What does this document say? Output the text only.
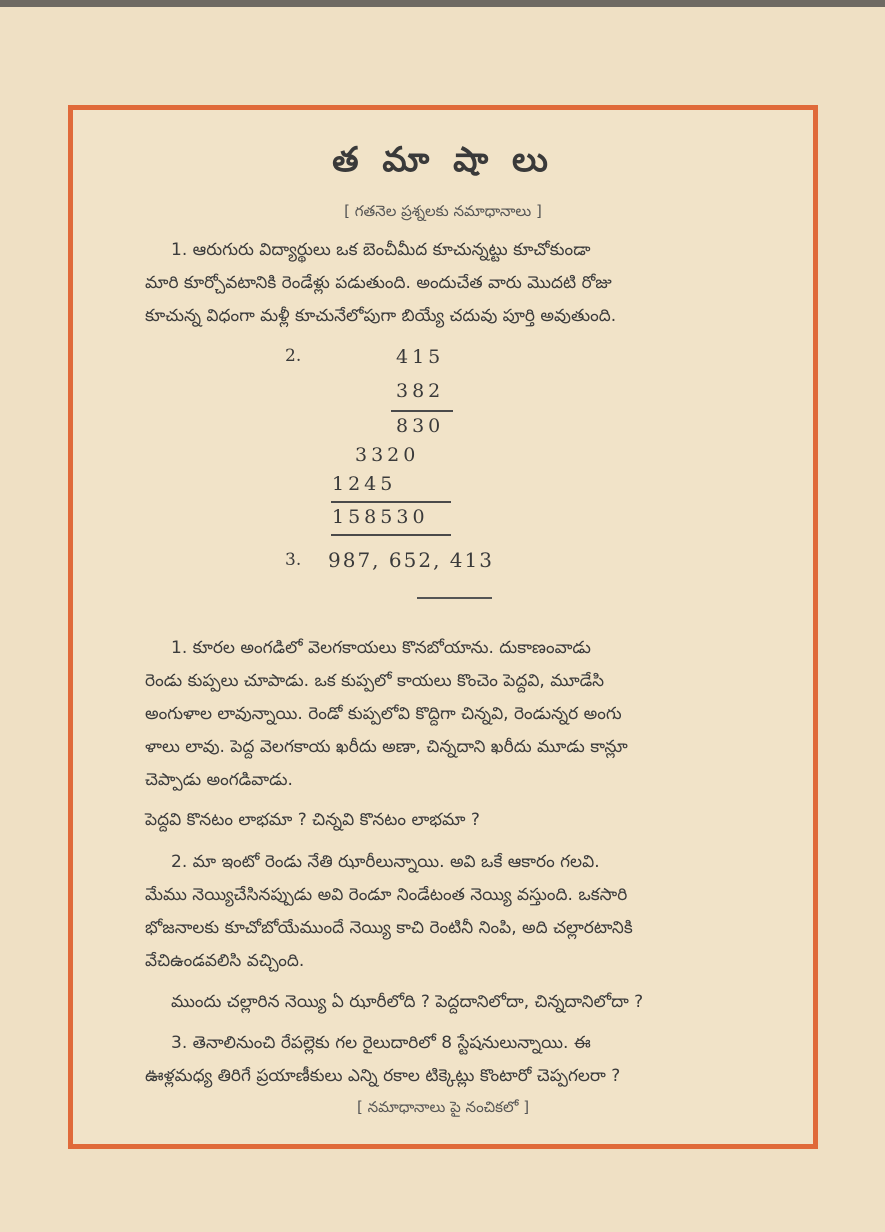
త మా షా లు
[ గతనెల ప్రశ్నలకు నమాధానాలు ]
1. ఆరుగురు విద్యార్థులు ఒక బెంచీమీద కూచున్నట్టు కూచోకుండా
మారి కూర్చోవటానికి రెండేళ్లు పడుతుంది. అందుచేత వారు మొదటి రోజు
కూచున్న విధంగా మళ్లీ కూచునేలోపుగా బియ్యే చదువు పూర్తి అవుతుంది.
2.	415
382
830
3320
1245
158530
3. 987, 652, 413
1. కూరల అంగడిలో వెలగకాయలు కొనబోయాను. దుకాణంవాడు
రెండు కుప్పలు చూపాడు. ఒక కుప్పలో కాయలు కొంచెం పెద్దవి, మూడేసి
అంగుళాల లావున్నాయి. రెండో కుప్పలోవి కొద్దిగా చిన్నవి, రెండున్నర అంగు
ళాలు లావు. పెద్ద వెలగకాయ ఖరీదు అణా, చిన్నదాని ఖరీదు మూడు కాన్లూ
చెప్పాడు అంగడివాడు.
పెద్దవి కొనటం లాభమా ? చిన్నవి కొనటం లాభమా ?
2. మా ఇంటో రెండు నేతి ఝారీలున్నాయి. అవి ఒకే ఆకారం గలవి.
మేము నెయ్యిచేసినప్పుడు అవి రెండూ నిండేటంత నెయ్యి వస్తుంది. ఒకసారి
భోజనాలకు కూచోబోయేముందే నెయ్యి కాచి రెంటినీ నింపి, అది చల్లారటానికి
వేచిఉండవలిసి వచ్చింది.
ముందు చల్లారిన నెయ్యి ఏ ఝారీలోది ? పెద్దదానిలోదా, చిన్నదానిలోదా ?
3. తెనాలినుంచి రేపల్లెకు గల రైలుదారిలో 8 స్టేషనులున్నాయి. ఈ
ఊళ్లమధ్య తిరిగే ప్రయాణీకులు ఎన్ని రకాల టిక్కెట్లు కొంటారో చెప్పగలరా ?
[ నమాధానాలు పై నంచికలో ]
